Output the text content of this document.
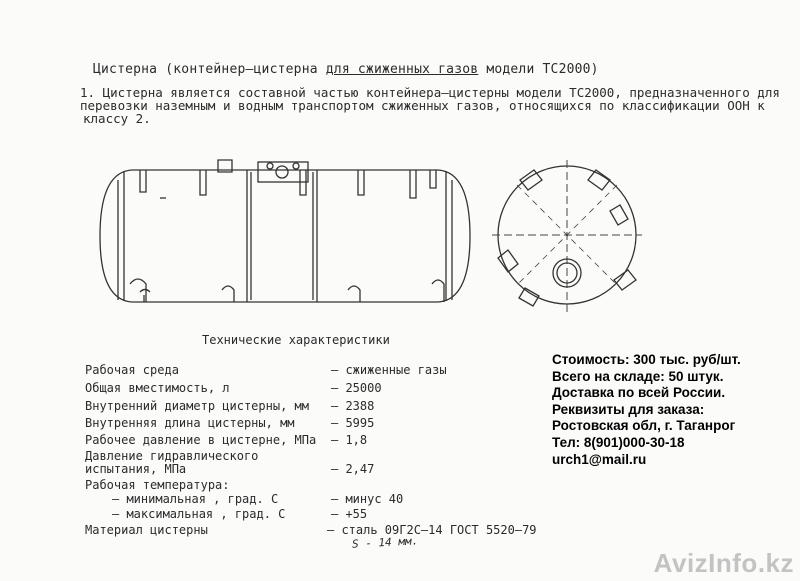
Цистерна (контейнер–цистерна для сжиженных газов модели ТС2000)
1. Цистерна является составной частью контейнера–цистерны модели ТС2000, предназначенного для
перевозки наземным и водным транспортом сжиженных газов, относящихся по классификации ООН к
классу 2.
Технические характеристики
Рабочая среда	– сжиженные газы
Общая вместимость, л	– 25000
Внутренний диаметр цистерны, мм – 2388
Внутренняя длина цистерны, мм	– 5995
Рабочее давление в цистерне, МПа – 1,8
Давление гидравлического
испытания, МПа	– 2,47
Рабочая температура:
– минимальная , град. С	– минус 40
– максимальная , град. С	– +55
Материал цистерны	– сталь 09Г2С–14 ГОСТ 5520–79
S - 14 мм.
Стоимость: 300 тыс. руб/шт.
Всего на складе: 50 штук.
Доставка по всей России.
Реквизиты для заказа:
Ростовская обл, г. Таганрог
Тел: 8(901)000-30-18
urch1@mail.ru
AvizInfo.kz
